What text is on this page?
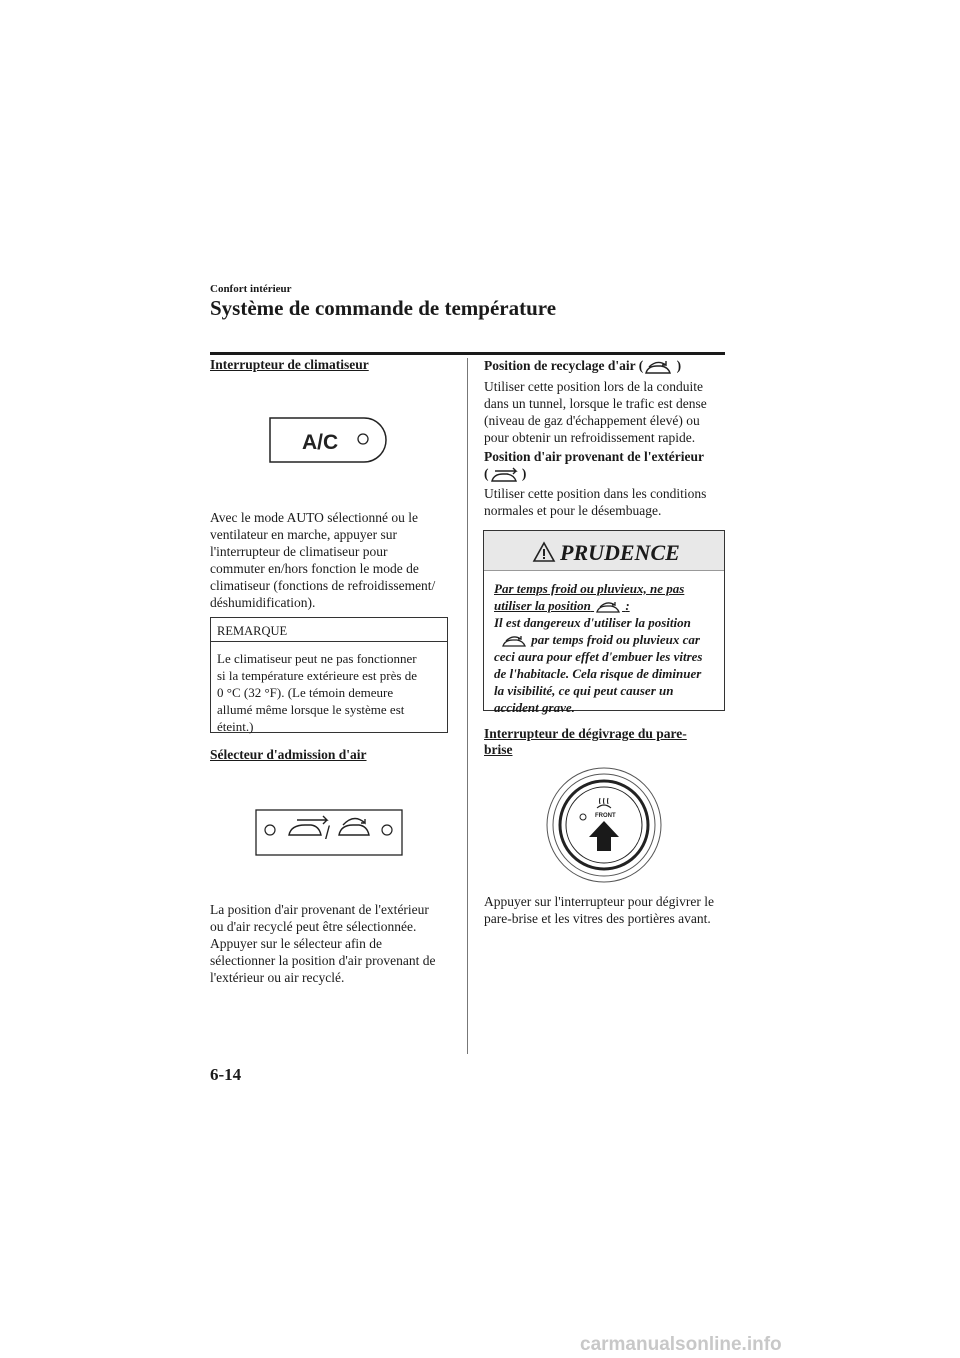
Confort intérieur
Système de commande de température
Interrupteur de climatiseur
A/C
Avec le mode AUTO sélectionné ou le
ventilateur en marche, appuyer sur
l'interrupteur de climatiseur pour
commuter en/hors fonction le mode de
climatiseur (fonctions de refroidissement/
déshumidification).
REMARQUE
Le climatiseur peut ne pas fonctionner
si la température extérieure est près de
0 °C (32 °F). (Le témoin demeure
allumé même lorsque le système est
éteint.)
Sélecteur d'admission d'air
/
La position d'air provenant de l'extérieur
ou d'air recyclé peut être sélectionnée.
Appuyer sur le sélecteur afin de
sélectionner la position d'air provenant de
l'extérieur ou air recyclé.
Position de recyclage d'air ( )
Utiliser cette position lors de la conduite
dans un tunnel, lorsque le trafic est dense
(niveau de gaz d'échappement élevé) ou
pour obtenir un refroidissement rapide.
Position d'air provenant de l'extérieur
( )
Utiliser cette position dans les conditions
normales et pour le désembuage.
PRUDENCE
Par temps froid ou pluvieux, ne pas
utiliser la position	:
Il est dangereux d'utiliser la position
par temps froid ou pluvieux car
ceci aura pour effet d'embuer les vitres
de l'habitacle. Cela risque de diminuer
la visibilité, ce qui peut causer un
accident grave.
Interrupteur de dégivrage du pare-
brise
FRONT
Appuyer sur l'interrupteur pour dégivrer le
pare-brise et les vitres des portières avant.
6-14
carmanualsonline.info
